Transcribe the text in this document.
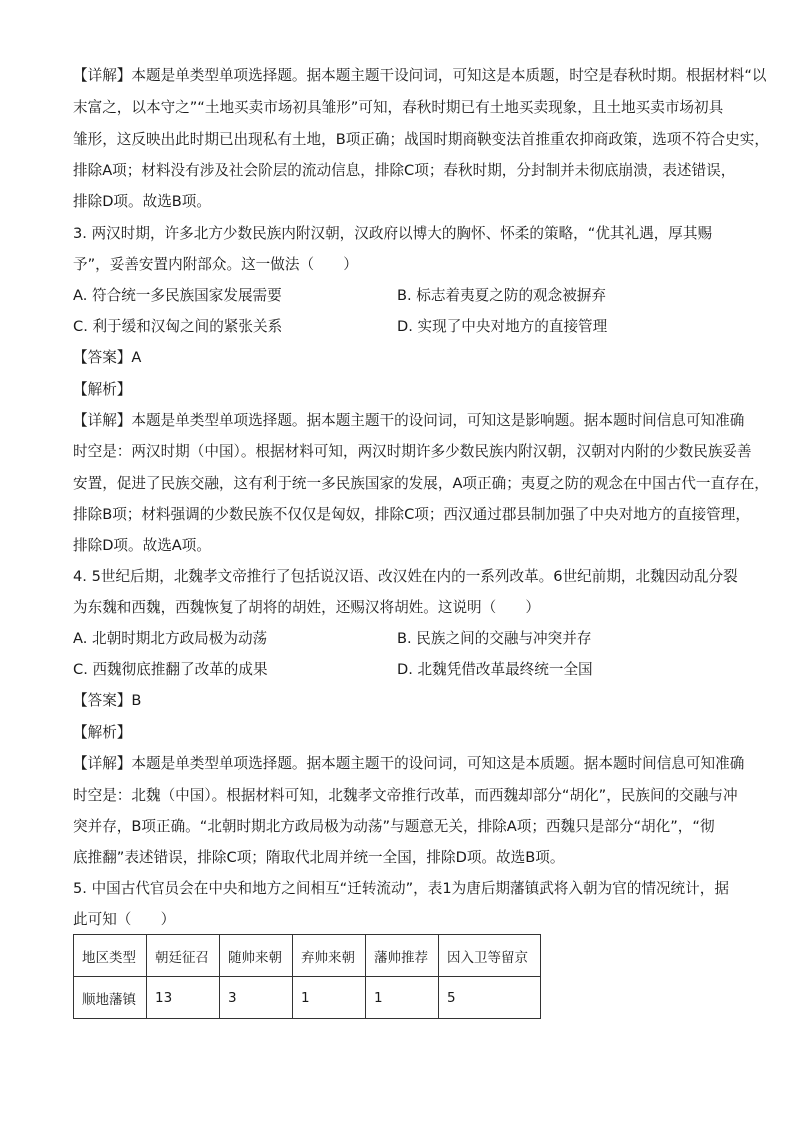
【详解】本题是单类型单项选择题。据本题主题干设问词，可知这是本质题，时空是春秋时期。根据材料“以
末富之，以本守之”“土地买卖市场初具雏形”可知，春秋时期已有土地买卖现象，且土地买卖市场初具
雏形，这反映出此时期已出现私有土地，B项正确；战国时期商鞅变法首推重农抑商政策，选项不符合史实，
排除A项；材料没有涉及社会阶层的流动信息，排除C项；春秋时期，分封制并未彻底崩溃，表述错误，
排除D项。故选B项。
3. 两汉时期，许多北方少数民族内附汉朝，汉政府以博大的胸怀、怀柔的策略，“优其礼遇，厚其赐
予”，妥善安置内附部众。这一做法（　　）
A. 符合统一多民族国家发展需要	B. 标志着夷夏之防的观念被摒弃
C. 利于缓和汉匈之间的紧张关系	D. 实现了中央对地方的直接管理
【答案】A
【解析】
【详解】本题是单类型单项选择题。据本题主题干的设问词，可知这是影响题。据本题时间信息可知准确
时空是：两汉时期（中国）。根据材料可知，两汉时期许多少数民族内附汉朝，汉朝对内附的少数民族妥善
安置，促进了民族交融，这有利于统一多民族国家的发展，A项正确；夷夏之防的观念在中国古代一直存在，
排除B项；材料强调的少数民族不仅仅是匈奴，排除C项；西汉通过郡县制加强了中央对地方的直接管理，
排除D项。故选A项。
4. 5世纪后期，北魏孝文帝推行了包括说汉语、改汉姓在内的一系列改革。6世纪前期，北魏因动乱分裂
为东魏和西魏，西魏恢复了胡将的胡姓，还赐汉将胡姓。这说明（　　）
A. 北朝时期北方政局极为动荡	B. 民族之间的交融与冲突并存
C. 西魏彻底推翻了改革的成果	D. 北魏凭借改革最终统一全国
【答案】B
【解析】
【详解】本题是单类型单项选择题。据本题主题干的设问词，可知这是本质题。据本题时间信息可知准确
时空是：北魏（中国）。根据材料可知，北魏孝文帝推行改革，而西魏却部分“胡化”，民族间的交融与冲
突并存，B项正确。“北朝时期北方政局极为动荡”与题意无关，排除A项；西魏只是部分“胡化”，“彻
底推翻”表述错误，排除C项；隋取代北周并统一全国，排除D项。故选B项。
5. 中国古代官员会在中央和地方之间相互“迁转流动”，表1为唐后期藩镇武将入朝为官的情况统计，据
此可知（　　）
地区类型	朝廷征召	随帅来朝	弃帅来朝	藩帅推荐	因入卫等留京
顺地藩镇	13	3	1	1	5
